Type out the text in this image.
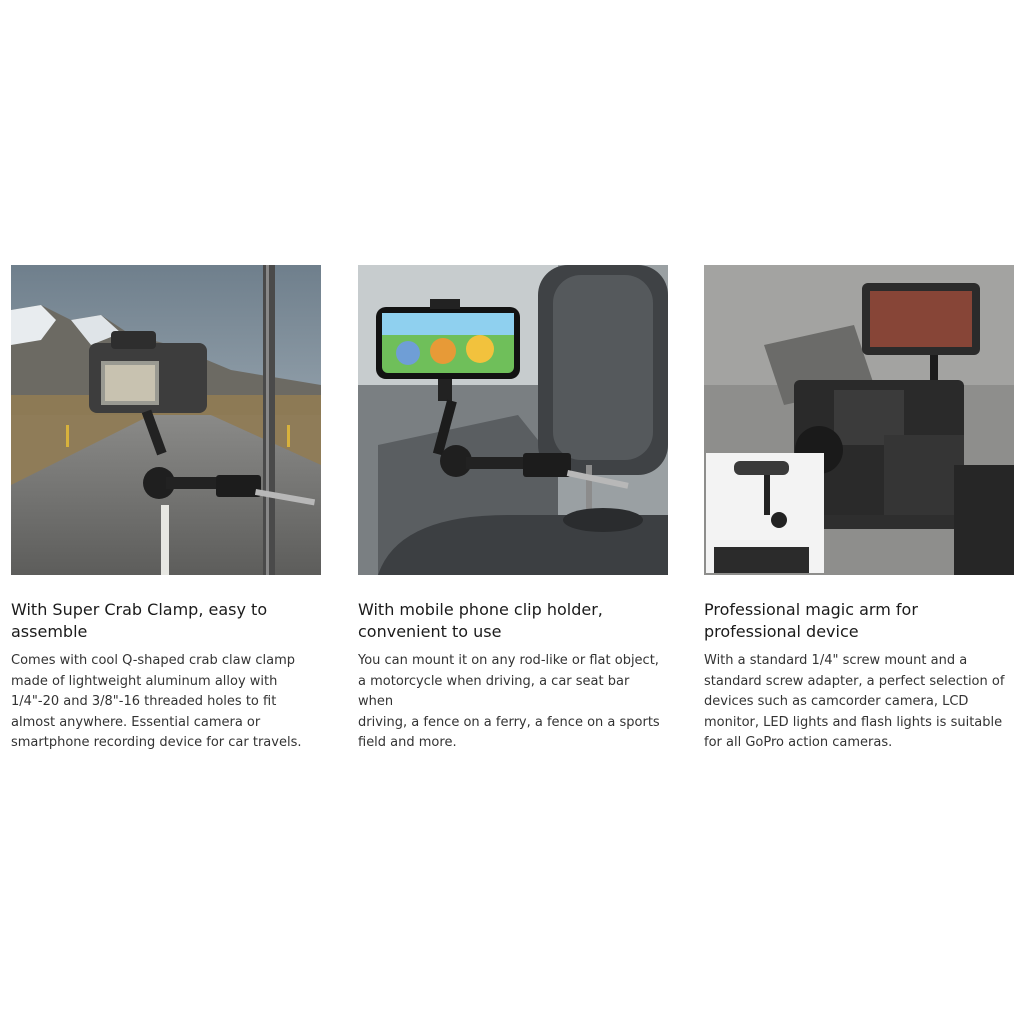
With Super Crab Clamp, easy to
assemble
Comes with cool Q-shaped crab claw clamp
made of lightweight aluminum alloy with
1/4"-20 and 3/8"-16 threaded holes to fit
almost anywhere. Essential camera or
smartphone recording device for car travels.
With mobile phone clip holder,
convenient to use
You can mount it on any rod-like or flat object,
a motorcycle when driving, a car seat bar when
driving, a fence on a ferry, a fence on a sports
field and more.
Professional magic arm for
professional device
With a standard 1/4" screw mount and a
standard screw adapter, a perfect selection of
devices such as camcorder camera, LCD
monitor, LED lights and flash lights is suitable
for all GoPro action cameras.
